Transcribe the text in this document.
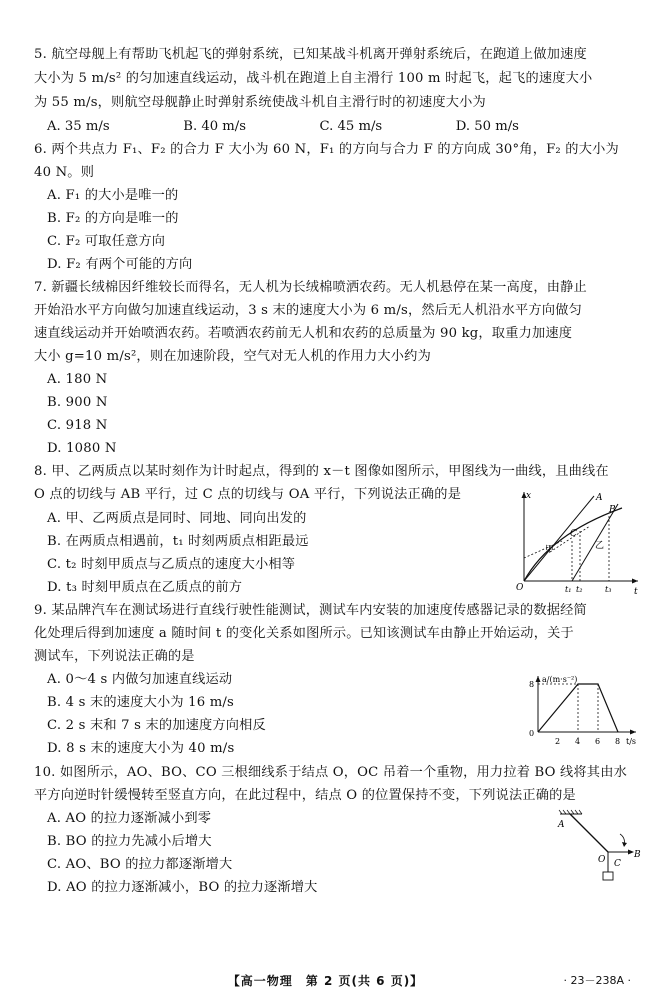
5. 航空母舰上有帮助飞机起飞的弹射系统，已知某战斗机离开弹射系统后，在跑道上做加速度
大小为 5 m/s² 的匀加速直线运动，战斗机在跑道上自主滑行 100 m 时起飞，起飞的速度大小
为 55 m/s，则航空母舰静止时弹射系统使战斗机自主滑行时的初速度大小为
A. 35 m/s	B. 40 m/s	C. 45 m/s	D. 50 m/s
6. 两个共点力 F₁、F₂ 的合力 F 大小为 60 N，F₁ 的方向与合力 F 的方向成 30°角，F₂ 的大小为
40 N。则
A. F₁ 的大小是唯一的
B. F₂ 的方向是唯一的
C. F₂ 可取任意方向
D. F₂ 有两个可能的方向
7. 新疆长绒棉因纤维较长而得名，无人机为长绒棉喷洒农药。无人机悬停在某一高度，由静止
开始沿水平方向做匀加速直线运动，3 s 末的速度大小为 6 m/s，然后无人机沿水平方向做匀
速直线运动并开始喷洒农药。若喷洒农药前无人机和农药的总质量为 90 kg，取重力加速度
大小 g=10 m/s²，则在加速阶段，空气对无人机的作用力大小约为
A. 180 N
B. 900 N
C. 918 N
D. 1080 N
8. 甲、乙两质点以某时刻作为计时起点，得到的 x－t 图像如图所示，甲图线为一曲线，且曲线在
O 点的切线与 AB 平行，过 C 点的切线与 OA 平行，下列说法正确的是
A. 甲、乙两质点是同时、同地、同向出发的
B. 在两质点相遇前，t₁ 时刻两质点相距最远
C. t₂ 时刻甲质点与乙质点的速度大小相等
D. t₃ 时刻甲质点在乙质点的前方
x
t
O
A
B
C
甲	乙
t₁ t₂	t₃
9. 某品牌汽车在测试场进行直线行驶性能测试，测试车内安装的加速度传感器记录的数据经简
化处理后得到加速度 a 随时间 t 的变化关系如图所示。已知该测试车由静止开始运动，关于
测试车，下列说法正确的是
A. 0～4 s 内做匀加速直线运动
B. 4 s 末的速度大小为 16 m/s
C. 2 s 末和 7 s 末的加速度方向相反
D. 8 s 末的速度大小为 40 m/s
a/(m·s⁻²)
t/s
8
0
2 4 6 8
10. 如图所示，AO、BO、CO 三根细线系于结点 O，OC 吊着一个重物，用力拉着 BO 线将其由水
平方向逆时针缓慢转至竖直方向，在此过程中，结点 O 的位置保持不变，下列说法正确的是
A. AO 的拉力逐渐减小到零
B. BO 的拉力先减小后增大
C. AO、BO 的拉力都逐渐增大
D. AO 的拉力逐渐减小，BO 的拉力逐渐增大
A
B
O C
【高一物理　第 2 页(共 6 页)】	· 23－238A ·
